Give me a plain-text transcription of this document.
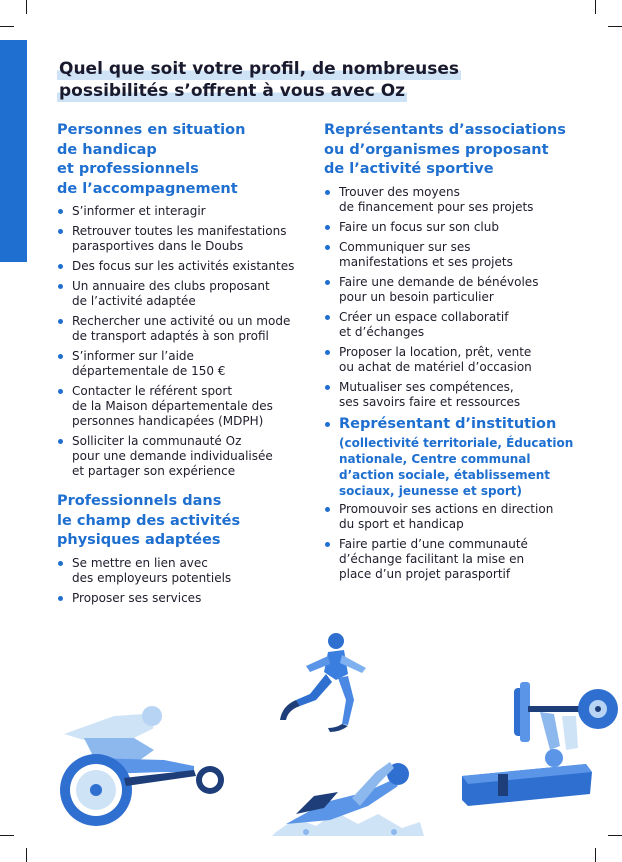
Quel que soit votre profil, de nombreuses
possibilités s’offrent à vous avec Oz
Personnes en situation
de handicap
et professionnels
de l’accompagnement
S’informer et interagir
Retrouver toutes les manifestations
parasportives dans le Doubs
Des focus sur les activités existantes
Un annuaire des clubs proposant
de l’activité adaptée
Rechercher une activité ou un mode
de transport adaptés à son profil
S’informer sur l’aide
départementale de 150 €
Contacter le référent sport
de la Maison départementale des
personnes handicapées (MDPH)
Solliciter la communauté Oz
pour une demande individualisée
et partager son expérience
Professionnels dans
le champ des activités
physiques adaptées
Se mettre en lien avec
des employeurs potentiels
Proposer ses services
Représentants d’associations
ou d’organismes proposant
de l’activité sportive
Trouver des moyens
de financement pour ses projets
Faire un focus sur son club
Communiquer sur ses
manifestations et ses projets
Faire une demande de bénévoles
pour un besoin particulier
Créer un espace collaboratif
et d’échanges
Proposer la location, prêt, vente
ou achat de matériel d’occasion
Mutualiser ses compétences,
ses savoirs faire et ressources
Représentant d’institution
(collectivité territoriale, Éducation
nationale, Centre communal
d’action sociale, établissement
sociaux, jeunesse et sport)
Promouvoir ses actions en direction
du sport et handicap
Faire partie d’une communauté
d’échange facilitant la mise en
place d’un projet parasportif
